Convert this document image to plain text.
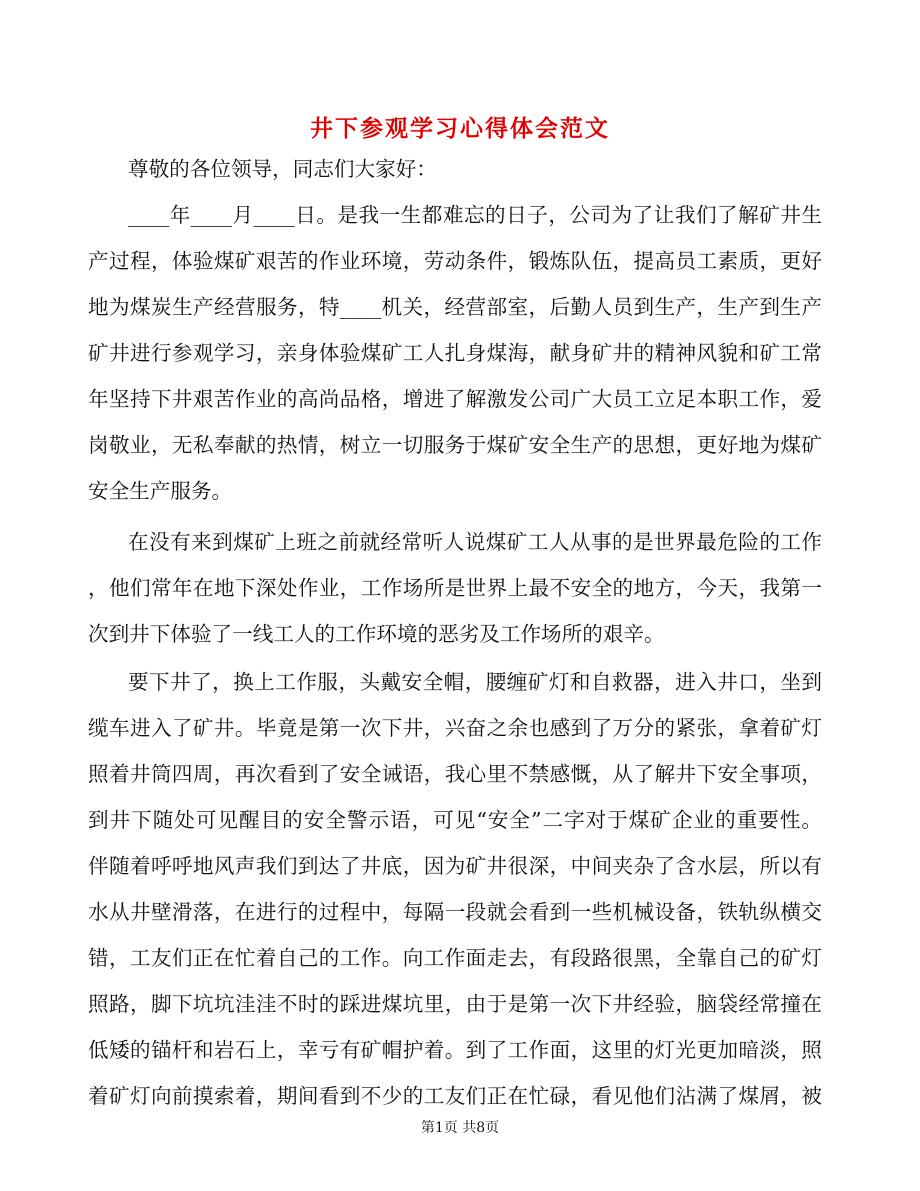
井下参观学习心得体会范文
尊敬的各位领导，同志们大家好：
____年____月____日。是我一生都难忘的日子，公司为了让我们了解矿井生
产过程，体验煤矿艰苦的作业环境，劳动条件，锻炼队伍，提高员工素质，更好
地为煤炭生产经营服务，特____机关，经营部室，后勤人员到生产，生产到生产
矿井进行参观学习，亲身体验煤矿工人扎身煤海，献身矿井的精神风貌和矿工常
年坚持下井艰苦作业的高尚品格，增进了解激发公司广大员工立足本职工作，爱
岗敬业，无私奉献的热情，树立一切服务于煤矿安全生产的思想，更好地为煤矿
安全生产服务。
在没有来到煤矿上班之前就经常听人说煤矿工人从事的是世界最危险的工作
，他们常年在地下深处作业，工作场所是世界上最不安全的地方，今天，我第一
次到井下体验了一线工人的工作环境的恶劣及工作场所的艰辛。
要下井了，换上工作服，头戴安全帽，腰缠矿灯和自救器，进入井口，坐到
缆车进入了矿井。毕竟是第一次下井，兴奋之余也感到了万分的紧张，拿着矿灯
照着井筒四周，再次看到了安全诫语，我心里不禁感慨，从了解井下安全事项，
到井下随处可见醒目的安全警示语，可见“安全”二字对于煤矿企业的重要性。
伴随着呼呼地风声我们到达了井底，因为矿井很深，中间夹杂了含水层，所以有
水从井壁滑落，在进行的过程中，每隔一段就会看到一些机械设备，铁轨纵横交
错，工友们正在忙着自己的工作。向工作面走去，有段路很黑，全靠自己的矿灯
照路，脚下坑坑洼洼不时的踩进煤坑里，由于是第一次下井经验，脑袋经常撞在
低矮的锚杆和岩石上，幸亏有矿帽护着。到了工作面，这里的灯光更加暗淡，照
着矿灯向前摸索着，期间看到不少的工友们正在忙碌，看见他们沾满了煤屑，被
第1页 共8页
